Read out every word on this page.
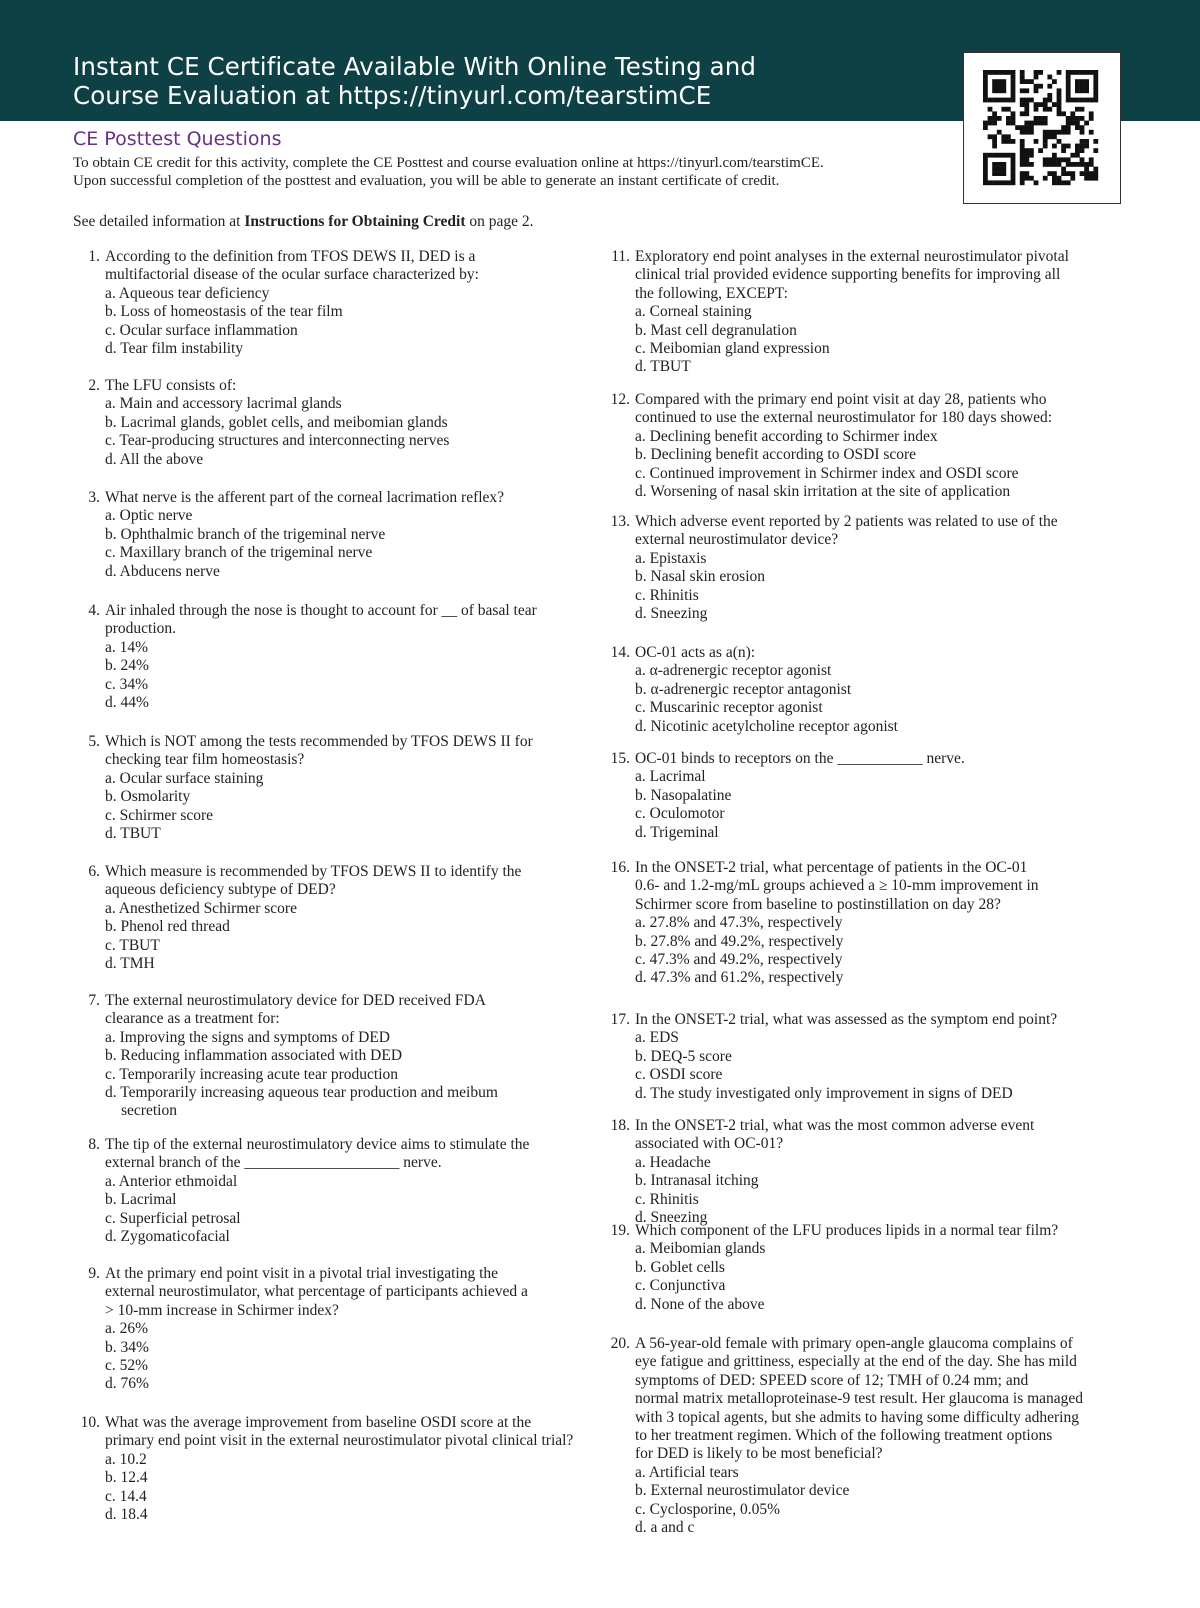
Instant CE Certificate Available With Online Testing and
Course Evaluation at https://tinyurl.com/tearstimCE
CE Posttest Questions
To obtain CE credit for this activity, complete the CE Posttest and course evaluation online at https://tinyurl.com/tearstimCE.
Upon successful completion of the posttest and evaluation, you will be able to generate an instant certificate of credit.
See detailed information at Instructions for Obtaining Credit on page 2.
1. According to the definition from TFOS DEWS II, DED is a
multifactorial disease of the ocular surface characterized by:
a. Aqueous tear deficiency
b. Loss of homeostasis of the tear film
c. Ocular surface inflammation
d. Tear film instability
2. The LFU consists of:
a. Main and accessory lacrimal glands
b. Lacrimal glands, goblet cells, and meibomian glands
c. Tear-producing structures and interconnecting nerves
d. All the above
3. What nerve is the afferent part of the corneal lacrimation reflex?
a. Optic nerve
b. Ophthalmic branch of the trigeminal nerve
c. Maxillary branch of the trigeminal nerve
d. Abducens nerve
4. Air inhaled through the nose is thought to account for __ of basal tear
production.
a. 14%
b. 24%
c. 34%
d. 44%
5. Which is NOT among the tests recommended by TFOS DEWS II for
checking tear film homeostasis?
a. Ocular surface staining
b. Osmolarity
c. Schirmer score
d. TBUT
6. Which measure is recommended by TFOS DEWS II to identify the
aqueous deficiency subtype of DED?
a. Anesthetized Schirmer score
b. Phenol red thread
c. TBUT
d. TMH
7. The external neurostimulatory device for DED received FDA
clearance as a treatment for:
a. Improving the signs and symptoms of DED
b. Reducing inflammation associated with DED
c. Temporarily increasing acute tear production
d. Temporarily increasing aqueous tear production and meibum
secretion
8. The tip of the external neurostimulatory device aims to stimulate the
external branch of the ____________________ nerve.
a. Anterior ethmoidal
b. Lacrimal
c. Superficial petrosal
d. Zygomaticofacial
9. At the primary end point visit in a pivotal trial investigating the
external neurostimulator, what percentage of participants achieved a
> 10-mm increase in Schirmer index?
a. 26%
b. 34%
c. 52%
d. 76%
10. What was the average improvement from baseline OSDI score at the
primary end point visit in the external neurostimulator pivotal clinical trial?
a. 10.2
b. 12.4
c. 14.4
d. 18.4
11. Exploratory end point analyses in the external neurostimulator pivotal
clinical trial provided evidence supporting benefits for improving all
the following, EXCEPT:
a. Corneal staining
b. Mast cell degranulation
c. Meibomian gland expression
d. TBUT
12. Compared with the primary end point visit at day 28, patients who
continued to use the external neurostimulator for 180 days showed:
a. Declining benefit according to Schirmer index
b. Declining benefit according to OSDI score
c. Continued improvement in Schirmer index and OSDI score
d. Worsening of nasal skin irritation at the site of application
13. Which adverse event reported by 2 patients was related to use of the
external neurostimulator device?
a. Epistaxis
b. Nasal skin erosion
c. Rhinitis
d. Sneezing
14. OC-01 acts as a(n):
a. α-adrenergic receptor agonist
b. α-adrenergic receptor antagonist
c. Muscarinic receptor agonist
d. Nicotinic acetylcholine receptor agonist
15. OC-01 binds to receptors on the ___________ nerve.
a. Lacrimal
b. Nasopalatine
c. Oculomotor
d. Trigeminal
16. In the ONSET-2 trial, what percentage of patients in the OC-01
0.6- and 1.2-mg/mL groups achieved a ≥ 10-mm improvement in
Schirmer score from baseline to postinstillation on day 28?
a. 27.8% and 47.3%, respectively
b. 27.8% and 49.2%, respectively
c. 47.3% and 49.2%, respectively
d. 47.3% and 61.2%, respectively
17. In the ONSET-2 trial, what was assessed as the symptom end point?
a. EDS
b. DEQ-5 score
c. OSDI score
d. The study investigated only improvement in signs of DED
18. In the ONSET-2 trial, what was the most common adverse event
associated with OC-01?
a. Headache
b. Intranasal itching
c. Rhinitis
d. Sneezing
19. Which component of the LFU produces lipids in a normal tear film?
a. Meibomian glands
b. Goblet cells
c. Conjunctiva
d. None of the above
20. A 56-year-old female with primary open-angle glaucoma complains of
eye fatigue and grittiness, especially at the end of the day. She has mild
symptoms of DED: SPEED score of 12; TMH of 0.24 mm; and
normal matrix metalloproteinase-9 test result. Her glaucoma is managed
with 3 topical agents, but she admits to having some difficulty adhering
to her treatment regimen. Which of the following treatment options
for DED is likely to be most beneficial?
a. Artificial tears
b. External neurostimulator device
c. Cyclosporine, 0.05%
d. a and c
